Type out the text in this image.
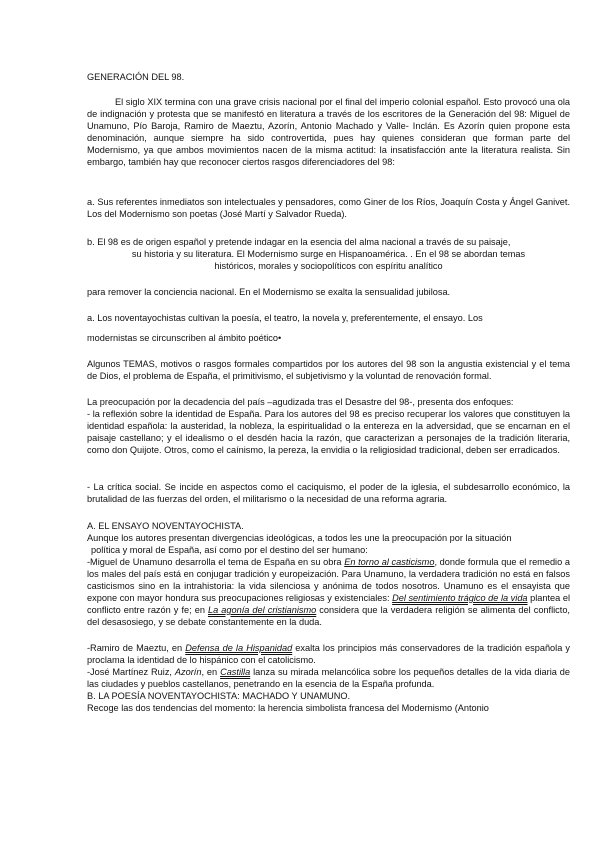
GENERACIÓN DEL 98.

El siglo XIX termina con una grave crisis nacional por el final del imperio colonial español. Esto provocó una ola de indignación y protesta que se manifestó en literatura a través de los escritores de la Generación del 98: Miguel de Unamuno, Pío Baroja, Ramiro de Maeztu, Azorín, Antonio Machado y Valle- Inclán. Es Azorín quien propone esta denominación, aunque siempre ha sido controvertida, pues hay quienes consideran que forman parte del Modernismo, ya que ambos movimientos nacen de la misma actitud: la insatisfacción ante la literatura realista. Sin embargo, también hay que reconocer ciertos rasgos diferenciadores del 98:

a. Sus referentes inmediatos son intelectuales y pensadores, como Giner de los Ríos, Joaquín Costa y Ángel Ganivet. Los del Modernismo son poetas (José Martí y Salvador Rueda).

b. El 98 es de origen español y pretende indagar en la esencia del alma nacional a través de su paisaje,
su historia y su literatura. El Modernismo surge en Hispanoamérica. . En el 98 se abordan temas
históricos, morales y sociopolíticos con espíritu analítico
para remover la conciencia nacional. En el Modernismo se exalta la sensualidad jubilosa.
a. Los noventayochistas cultivan la poesía, el teatro, la novela y, preferentemente, el ensayo. Los
modernistas se circunscriben al ámbito poético•

Algunos TEMAS, motivos o rasgos formales compartidos por los autores del 98 son la angustia existencial y el tema de Dios, el problema de España, el primitivismo, el subjetivismo y la voluntad de renovación formal.

La preocupación por la decadencia del país –agudizada tras el Desastre del 98-, presenta dos enfoques:
- la reflexión sobre la identidad de España. Para los autores del 98 es preciso recuperar los valores que constituyen la identidad española: la austeridad, la nobleza, la espiritualidad o la entereza en la adversidad, que se encarnan en el paisaje castellano; y el idealismo o el desdén hacia la razón, que caracterizan a personajes de la tradición literaria, como don Quijote. Otros, como el caínismo, la pereza, la envidia o la religiosidad tradicional, deben ser erradicados.

- La crítica social. Se incide en aspectos como el caciquismo, el poder de la iglesia, el subdesarrollo económico, la brutalidad de las fuerzas del orden, el militarismo o la necesidad de una reforma agraria.

A. EL ENSAYO NOVENTAYOCHISTA.
Aunque los autores presentan divergencias ideológicas, a todos les une la preocupación por la situación
política y moral de España, así como por el destino del ser humano:
-Miguel de Unamuno desarrolla el tema de España en su obra En torno al casticismo, donde formula que el remedio a los males del país está en conjugar tradición y europeización. Para Unamuno, la verdadera tradición no está en falsos casticismos sino en la intrahistoria: la vida silenciosa y anónima de todos nosotros. Unamuno es el ensayista que expone con mayor hondura sus preocupaciones religiosas y existenciales: Del sentimiento trágico de la vida plantea el conflicto entre razón y fe; en La agonía del cristianismo considera que la verdadera religión se alimenta del conflicto, del desasosiego, y se debate constantemente en la duda.
-Ramiro de Maeztu, en Defensa de la Hispanidad exalta los principios más conservadores de la tradición española y proclama la identidad de lo hispánico con el catolicismo.
-José Martínez Ruiz, Azorín, en Castilla lanza su mirada melancólica sobre los pequeños detalles de la vida diaria de las ciudades y pueblos castellanos, penetrando en la esencia de la España profunda.
B. LA POESÍA NOVENTAYOCHISTA: MACHADO Y UNAMUNO.
Recoge las dos tendencias del momento: la herencia simbolista francesa del Modernismo (Antonio
